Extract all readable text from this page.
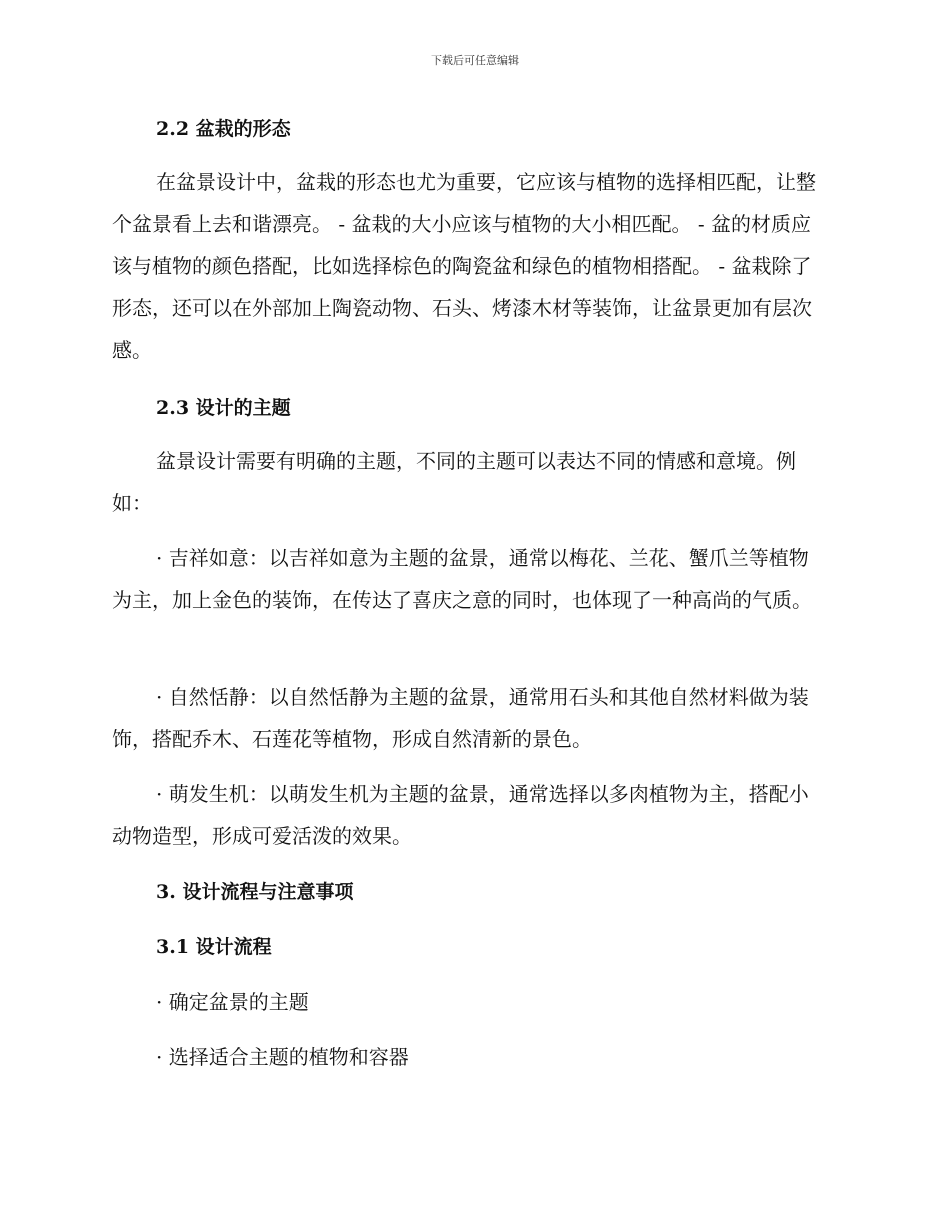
下载后可任意编辑
2.2 盆栽的形态
在盆景设计中，盆栽的形态也尤为重要，它应该与植物的选择相匹配，让整个盆景看上去和谐漂亮。 - 盆栽的大小应该与植物的大小相匹配。 - 盆的材质应该与植物的颜色搭配，比如选择棕色的陶瓷盆和绿色的植物相搭配。 - 盆栽除了形态，还可以在外部加上陶瓷动物、石头、烤漆木材等装饰，让盆景更加有层次感。
2.3 设计的主题
盆景设计需要有明确的主题，不同的主题可以表达不同的情感和意境。例如：
· 吉祥如意：以吉祥如意为主题的盆景，通常以梅花、兰花、蟹爪兰等植物为主，加上金色的装饰，在传达了喜庆之意的同时，也体现了一种高尚的气质。
· 自然恬静：以自然恬静为主题的盆景，通常用石头和其他自然材料做为装饰，搭配乔木、石莲花等植物，形成自然清新的景色。
· 萌发生机：以萌发生机为主题的盆景，通常选择以多肉植物为主，搭配小动物造型，形成可爱活泼的效果。
3. 设计流程与注意事项
3.1 设计流程
· 确定盆景的主题
· 选择适合主题的植物和容器
